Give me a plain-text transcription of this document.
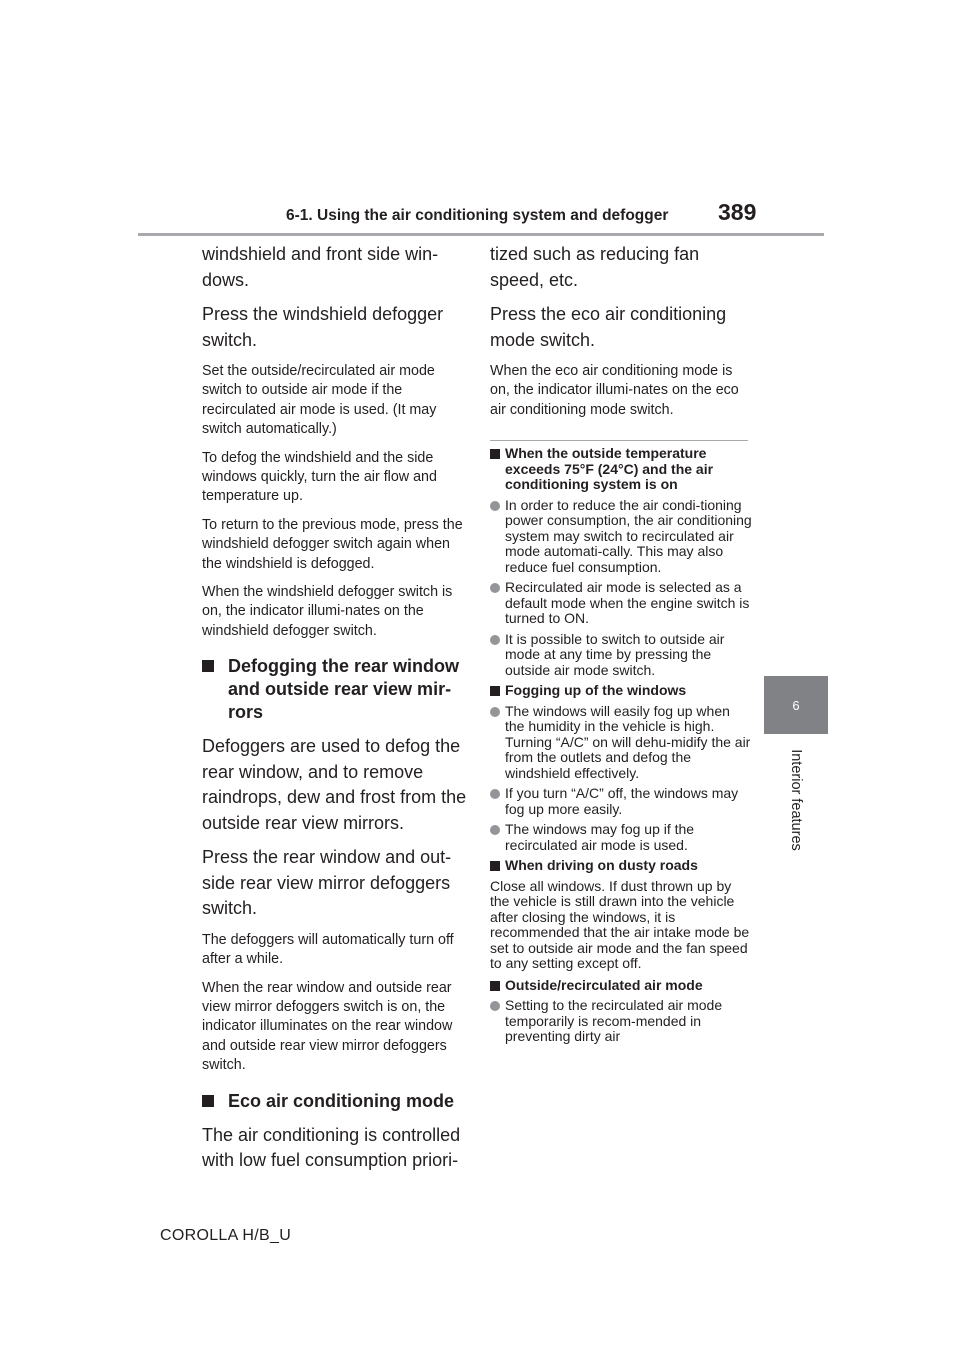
6-1. Using the air conditioning system and defogger 389
6
Interior features

windshield and front side win-dows.

Press the windshield defogger switch.

Set the outside/recirculated air mode switch to outside air mode if the recirculated air mode is used. (It may switch automatically.)

To defog the windshield and the side windows quickly, turn the air flow and temperature up.

To return to the previous mode, press the windshield defogger switch again when the windshield is defogged.

When the windshield defogger switch is on, the indicator illumi-nates on the windshield defogger switch.

Defogging the rear window and outside rear view mir-rors

Defoggers are used to defog the rear window, and to remove raindrops, dew and frost from the outside rear view mirrors.

Press the rear window and out-side rear view mirror defoggers switch.

The defoggers will automatically turn off after a while.

When the rear window and outside rear view mirror defoggers switch is on, the indicator illuminates on the rear window and outside rear view mirror defoggers switch.

Eco air conditioning mode

The air conditioning is controlled with low fuel consumption priori-

tized such as reducing fan speed, etc.

Press the eco air conditioning mode switch.

When the eco air conditioning mode is on, the indicator illumi-nates on the eco air conditioning mode switch.

When the outside temperature exceeds 75°F (24°C) and the air conditioning system is on
In order to reduce the air condi-tioning power consumption, the air conditioning system may switch to recirculated air mode automati-cally. This may also reduce fuel consumption.
Recirculated air mode is selected as a default mode when the engine switch is turned to ON.
It is possible to switch to outside air mode at any time by pressing the outside air mode switch.
Fogging up of the windows
The windows will easily fog up when the humidity in the vehicle is high. Turning “A/C” on will dehu-midify the air from the outlets and defog the windshield effectively.
If you turn “A/C” off, the windows may fog up more easily.
The windows may fog up if the recirculated air mode is used.
When driving on dusty roads

Close all windows. If dust thrown up by the vehicle is still drawn into the vehicle after closing the windows, it is recommended that the air intake mode be set to outside air mode and the fan speed to any setting except off.

Outside/recirculated air mode
Setting to the recirculated air mode temporarily is recom-mended in preventing dirty air
COROLLA H/B_U
